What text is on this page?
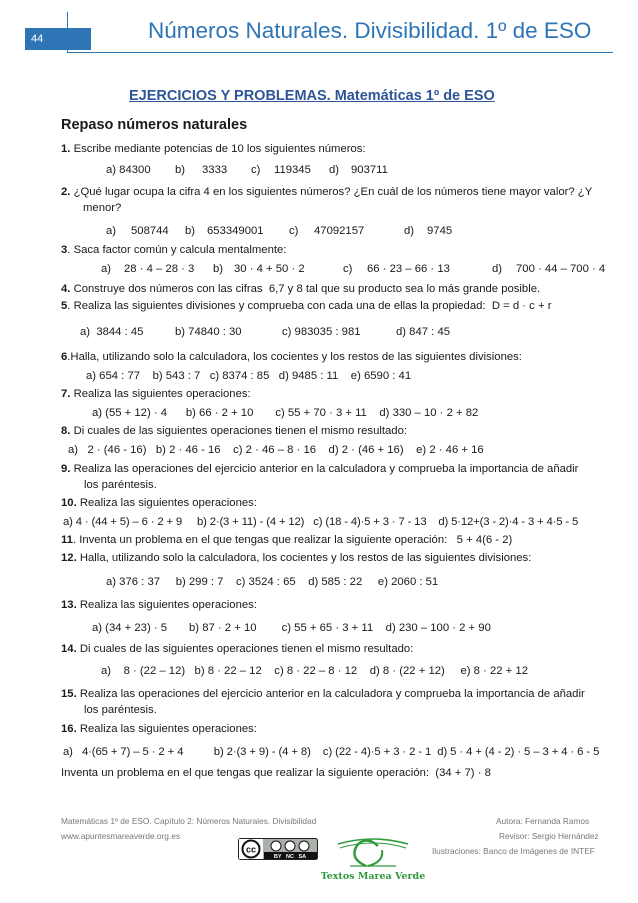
44	Números Naturales. Divisibilidad. 1º de ESO
EJERCICIOS Y PROBLEMAS. Matemáticas 1º de ESO
Repaso números naturales
1. Escribe mediante potencias de 10 los siguientes números:
a) 84300 b) 3333 c) 119345 d) 903711
2. ¿Qué lugar ocupa la cifra 4 en los siguientes números? ¿En cuál de los números tiene mayor valor? ¿Y
menor?
a) 508744 b) 653349001 c) 47092157	d) 9745
3. Saca factor común y calcula mentalmente:
a) 28 · 4 – 28 · 3 b) 30 · 4 + 50 · 2	c) 66 · 23 – 66 · 13	d) 700 · 44 – 700 · 4
4. Construye dos números con las cifras  6,7 y 8 tal que su producto sea lo más grande posible.
5. Realiza las siguientes divisiones y comprueba con cada una de ellas la propiedad:  D = d · c + r
a)  3844 : 45	b) 74840 : 30	c) 983035 : 981	d) 847 : 45
6.Halla, utilizando solo la calculadora, los cocientes y los restos de las siguientes divisiones:
a) 654 : 77    b) 543 : 7   c) 8374 : 85   d) 9485 : 11    e) 6590 : 41
7. Realiza las siguientes operaciones:
a) (55 + 12) · 4      b) 66 · 2 + 10       c) 55 + 70 · 3 + 11    d) 330 – 10 · 2 + 82
8. Di cuales de las siguientes operaciones tienen el mismo resultado:
a)   2 · (46 - 16)   b) 2 · 46 - 16    c) 2 · 46 – 8 · 16    d) 2 · (46 + 16)    e) 2 · 46 + 16
9. Realiza las operaciones del ejercicio anterior en la calculadora y comprueba la importancia de añadir
los paréntesis.
10. Realiza las siguientes operaciones:
a) 4 · (44 + 5) – 6 · 2 + 9     b) 2·(3 + 11) - (4 + 12)   c) (18 - 4)·5 + 3 · 7 - 13    d) 5·12+(3 - 2)·4 - 3 + 4·5 - 5
11. Inventa un problema en el que tengas que realizar la siguiente operación:   5 + 4(6 - 2)
12. Halla, utilizando solo la calculadora, los cocientes y los restos de las siguientes divisiones:
a) 376 : 37     b) 299 : 7    c) 3524 : 65    d) 585 : 22     e) 2060 : 51
13. Realiza las siguientes operaciones:
a) (34 + 23) · 5       b) 87 · 2 + 10        c) 55 + 65 · 3 + 11    d) 230 – 100 · 2 + 90
14. Di cuales de las siguientes operaciones tienen el mismo resultado:
a)    8 · (22 – 12)   b) 8 · 22 – 12    c) 8 · 22 – 8 · 12    d) 8 · (22 + 12)     e) 8 · 22 + 12
15. Realiza las operaciones del ejercicio anterior en la calculadora y comprueba la importancia de añadir
los paréntesis.
16. Realiza las siguientes operaciones:
a)   4·(65 + 7) – 5 · 2 + 4          b) 2·(3 + 9) - (4 + 8)    c) (22 - 4)·5 + 3 · 2 - 1  d) 5 · 4 + (4 - 2) · 5 – 3 + 4 · 6 - 5
Inventa un problema en el que tengas que realizar la siguiente operación:  (34 + 7) · 8
Matemáticas 1º de ESO. Capítulo 2: Números Naturales. Divisibilidad
www.apuntesmareaverde.org.es
Autora: Fernanda Ramos
Revisor: Sergio Hernández
Ilustraciones: Banco de Imágenes de INTEF
cc
BY   NC   SA
Textos Marea Verde
